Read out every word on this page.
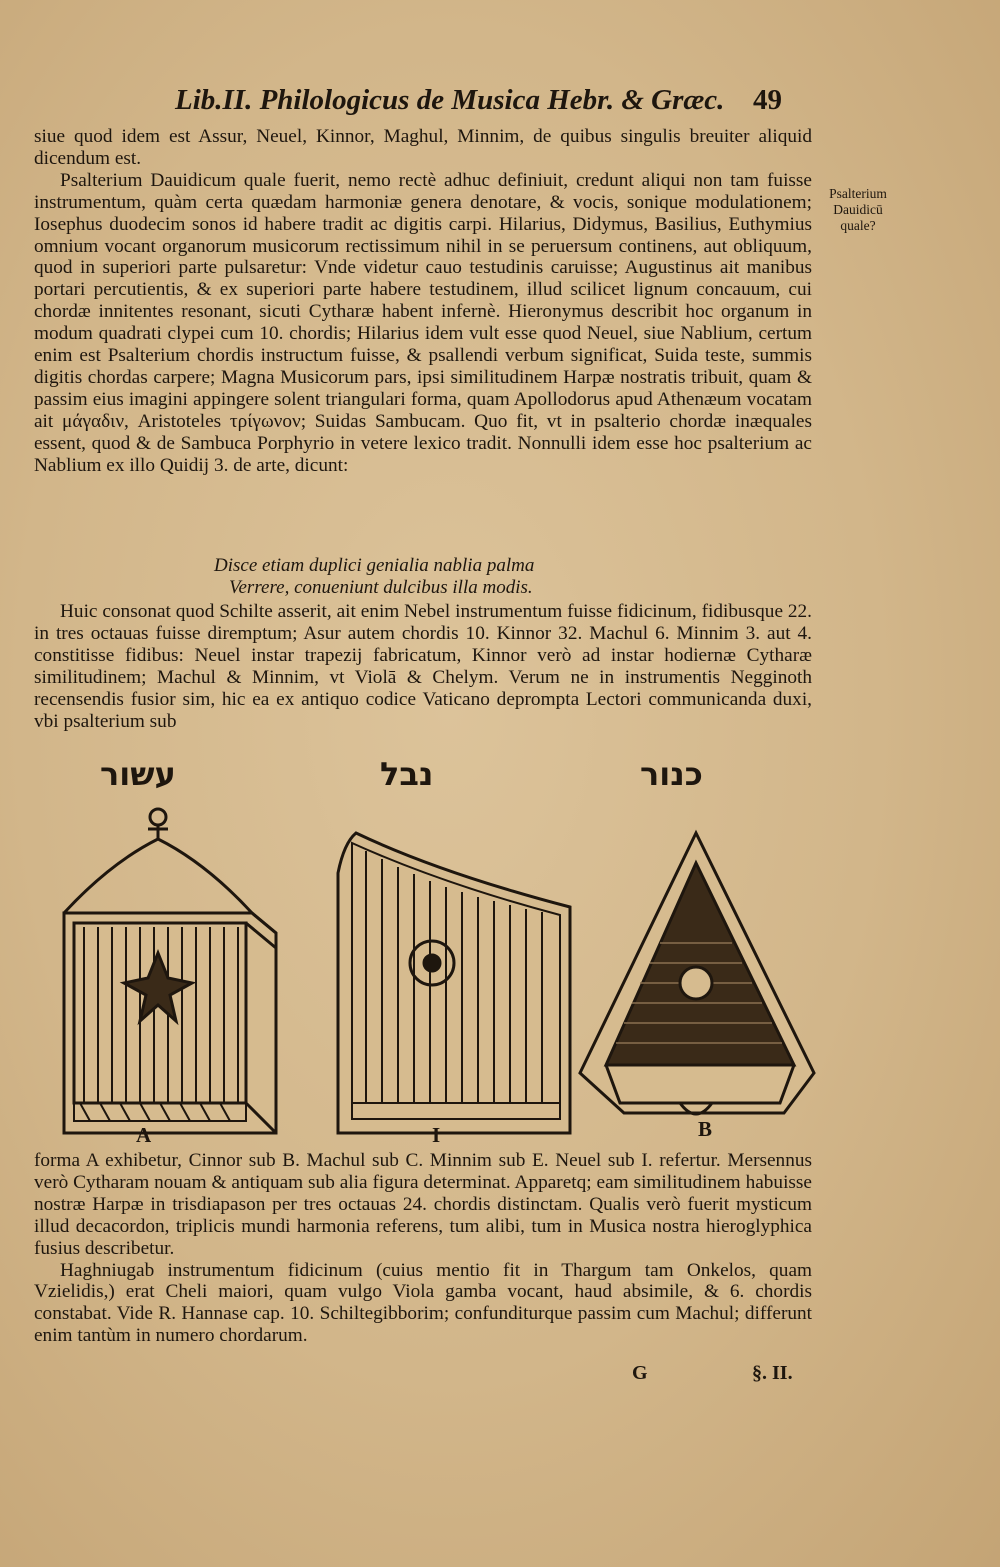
Lib.II. Philologicus de Musica Hebr. & Græc. 49

siue quod idem est Assur, Neuel, Kinnor, Maghul, Minnim, de quibus singulis breuiter aliquid dicendum est.

Psalterium Dauidicum quale fuerit, nemo rectè adhuc definiuit, credunt aliqui non tam fuisse instrumentum, quàm certa quædam harmoniæ genera denotare, & vocis, sonique modulationem; Iosephus duodecim sonos id habere tradit ac digitis carpi. Hilarius, Didymus, Basilius, Euthymius omnium vocant organorum musicorum rectissimum nihil in se peruersum continens, aut obliquum, quod in superiori parte pulsaretur: Vnde videtur cauo testudinis caruisse; Augustinus ait manibus portari percutientis, & ex superiori parte habere testudinem, illud scilicet lignum concauum, cui chordæ innitentes resonant, sicuti Cytharæ habent infernè. Hieronymus describit hoc organum in modum quadrati clypei cum 10. chordis; Hilarius idem vult esse quod Neuel, siue Nablium, certum enim est Psalterium chordis instructum fuisse, & psallendi verbum significat, Suida teste, summis digitis chordas carpere; Magna Musicorum pars, ipsi similitudinem Harpæ nostratis tribuit, quam & passim eius imagini appingere solent triangulari forma, quam Apollodorus apud Athenæum vocatam ait μάγαδιν, Aristoteles τρίγωνον; Suidas Sambucam. Quo fit, vt in psalterio chordæ inæquales essent, quod & de Sambuca Porphyrio in vetere lexico tradit. Nonnulli idem esse hoc psalterium ac Nablium ex illo Quidij 3. de arte, dicunt:

Psalterium
Dauidicū
quale?
Disce etiam duplici genialia nablia palma
Verrere, conueniunt dulcibus illa modis.

Huic consonat quod Schilte asserit, ait enim Nebel instrumentum fuisse fidicinum, fidibusque 22. in tres octauas fuisse diremptum; Asur autem chordis 10. Kinnor 32. Machul 6. Minnim 3. aut 4. constitisse fidibus: Neuel instar trapezij fabricatum, Kinnor verò ad instar hodiernæ Cytharæ similitudinem; Machul & Minnim, vt Violā & Chelym. Verum ne in instrumentis Negginoth recensendis fusior sim, hic ea ex antiquo codice Vaticano deprompta Lectori communicanda duxi, vbi psalterium sub

עשור	נבל	כנור
A	I	B

forma A exhibetur, Cinnor sub B. Machul sub C. Minnim sub E. Neuel sub I. refertur. Mersennus verò Cytharam nouam & antiquam sub alia figura determinat. Apparetq; eam similitudinem habuisse nostræ Harpæ in trisdiapason per tres octauas 24. chordis distinctam. Qualis verò fuerit mysticum illud decacordon, triplicis mundi harmonia referens, tum alibi, tum in Musica nostra hieroglyphica fusius describetur.

Haghniugab instrumentum fidicinum (cuius mentio fit in Thargum tam Onkelos, quam Vzielidis,) erat Cheli maiori, quam vulgo Viola gamba vocant, haud absimile, & 6. chordis constabat. Vide R. Hannase cap. 10. Schiltegibborim; confunditurque passim cum Machul; differunt enim tantùm in numero chordarum.

G	§. II.
